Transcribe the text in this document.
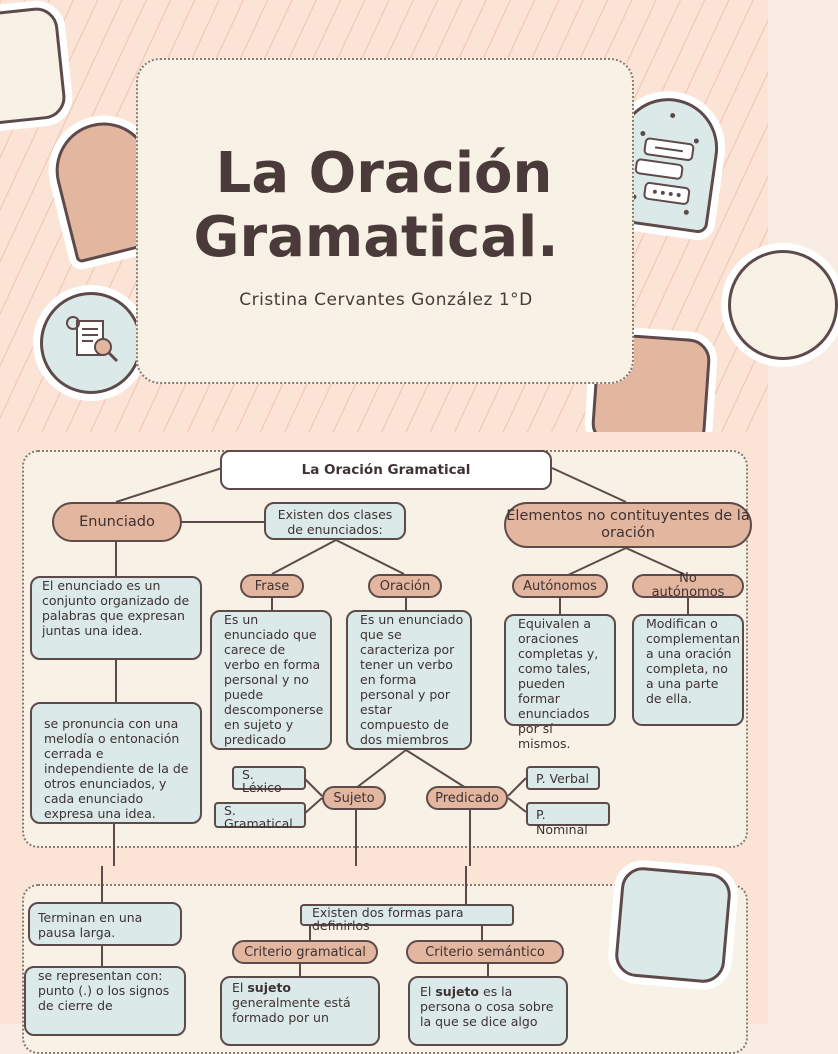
La Oración
Gramatical.
Cristina Cervantes González 1°D
La Oración Gramatical
Enunciado	Existen dos clases de enunciados:
Elementos no contituyentes de la oración
El enunciado es un conjunto organizado de palabras que expresan juntas una idea.
se pronuncia con una melodía o entonación cerrada e independiente de la de otros enunciados, y cada enunciado expresa una idea.
Frase	Oración	Autónomos	No autónomos
Es un enunciado que carece de verbo en forma personal y no puede descomponerse en sujeto y predicado
Es un enunciado que se caracteriza por tener un verbo en forma personal y por estar compuesto de dos miembros
Equivalen a oraciones completas y, como tales, pueden formar enunciados por sí mismos.
Modifican o complementan a una oración completa, no a una parte de ella.
Sujeto	Predicado
S. Léxico
S. Gramatical
P. Verbal
P. Nominal
Terminan en una pausa larga.
se representan con: punto (.) o los signos de cierre de
Existen dos formas para definirlos
Criterio gramatical	Criterio semántico
El sujeto generalmente está formado por un
El sujeto es la persona o cosa sobre la que se dice algo
